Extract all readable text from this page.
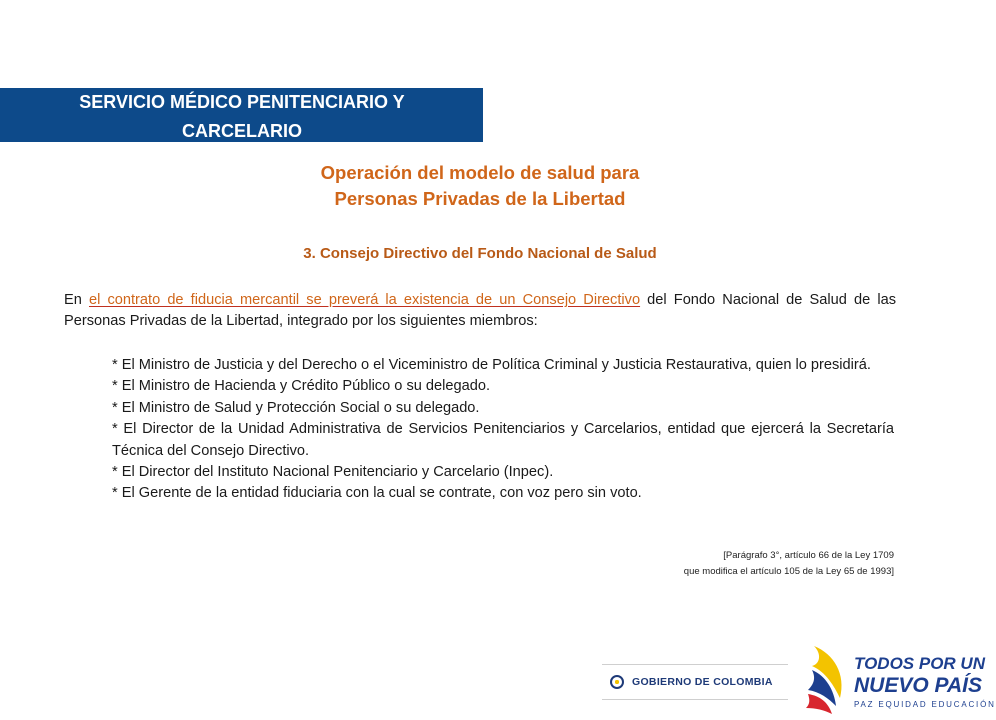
SERVICIO MÉDICO PENITENCIARIO Y
CARCELARIO
Operación del modelo de salud para
Personas Privadas de la Libertad
3. Consejo Directivo del Fondo Nacional de Salud
En el contrato de fiducia mercantil se preverá la existencia de un Consejo Directivo del Fondo Nacional de Salud de las Personas Privadas de la Libertad, integrado por los siguientes miembros:
* El Ministro de Justicia y del Derecho o el Viceministro de Política Criminal y Justicia Restaurativa, quien lo presidirá.
* El Ministro de Hacienda y Crédito Público o su delegado.
* El Ministro de Salud y Protección Social o su delegado.
* El Director de la Unidad Administrativa de Servicios Penitenciarios y Carcelarios, entidad que ejercerá la Secretaría Técnica del Consejo Directivo.
* El Director del Instituto Nacional Penitenciario y Carcelario (Inpec).
* El Gerente de la entidad fiduciaria con la cual se contrate, con voz pero sin voto.
[Parágrafo 3°, artículo 66 de la Ley 1709
que modifica el artículo 105 de la Ley 65 de 1993]
GOBIERNO DE COLOMBIA
TODOS POR UN
NUEVO PAÍS
PAZ EQUIDAD EDUCACIÓN
